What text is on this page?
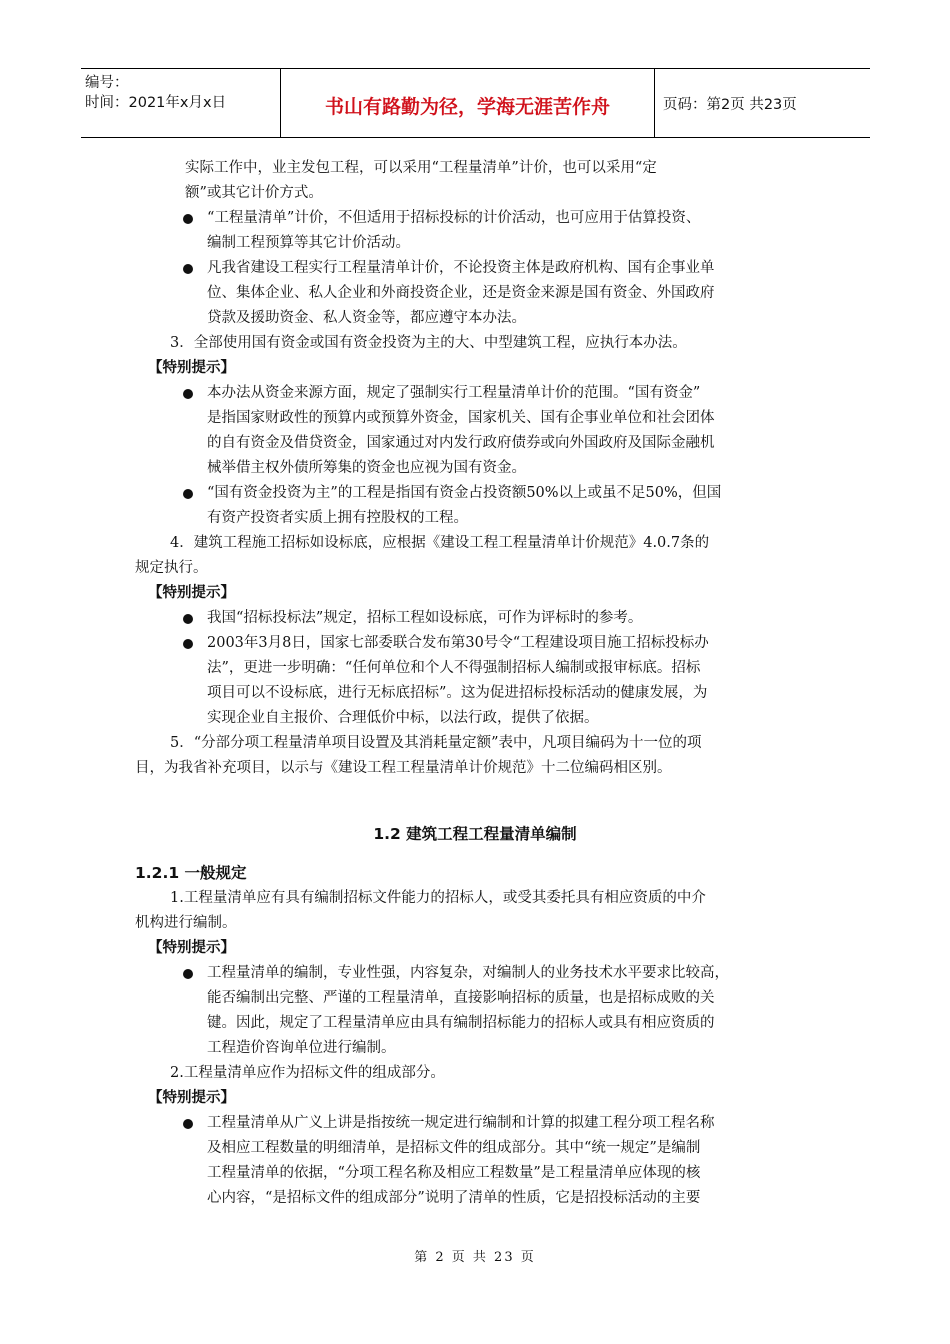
编号：
时间：2021年x月x日	书山有路勤为径，学海无涯苦作舟	页码：第2页 共23页
实际工作中，业主发包工程，可以采用“工程量清单”计价，也可以采用“定
额”或其它计价方式。
“工程量清单”计价，不但适用于招标投标的计价活动，也可应用于估算投资、
编制工程预算等其它计价活动。
凡我省建设工程实行工程量清单计价，不论投资主体是政府机构、国有企事业单
位、集体企业、私人企业和外商投资企业，还是资金来源是国有资金、外国政府
贷款及援助资金、私人资金等，都应遵守本办法。
3．全部使用国有资金或国有资金投资为主的大、中型建筑工程，应执行本办法。
【特别提示】
本办法从资金来源方面，规定了强制实行工程量清单计价的范围。“国有资金”
是指国家财政性的预算内或预算外资金，国家机关、国有企事业单位和社会团体
的自有资金及借贷资金，国家通过对内发行政府债券或向外国政府及国际金融机
械举借主权外债所筹集的资金也应视为国有资金。
“国有资金投资为主”的工程是指国有资金占投资额50%以上或虽不足50%，但国
有资产投资者实质上拥有控股权的工程。
4．建筑工程施工招标如设标底，应根据《建设工程工程量清单计价规范》4.0.7条的
规定执行。
【特别提示】
我国“招标投标法”规定，招标工程如设标底，可作为评标时的参考。
2003年3月8日，国家七部委联合发布第30号令“工程建设项目施工招标投标办
法”，更进一步明确：“任何单位和个人不得强制招标人编制或报审标底。招标
项目可以不设标底，进行无标底招标”。这为促进招标投标活动的健康发展，为
实现企业自主报价、合理低价中标，以法行政，提供了依据。
5．“分部分项工程量清单项目设置及其消耗量定额”表中，凡项目编码为十一位的项
目，为我省补充项目，以示与《建设工程工程量清单计价规范》十二位编码相区别。
1.2 建筑工程工程量清单编制
1.2.1 一般规定
1.工程量清单应有具有编制招标文件能力的招标人，或受其委托具有相应资质的中介
机构进行编制。
【特别提示】
工程量清单的编制，专业性强，内容复杂，对编制人的业务技术水平要求比较高，
能否编制出完整、严谨的工程量清单，直接影响招标的质量，也是招标成败的关
键。因此，规定了工程量清单应由具有编制招标能力的招标人或具有相应资质的
工程造价咨询单位进行编制。
2.工程量清单应作为招标文件的组成部分。
【特别提示】
工程量清单从广义上讲是指按统一规定进行编制和计算的拟建工程分项工程名称
及相应工程数量的明细清单，是招标文件的组成部分。其中“统一规定”是编制
工程量清单的依据，“分项工程名称及相应工程数量”是工程量清单应体现的核
心内容，“是招标文件的组成部分”说明了清单的性质，它是招投标活动的主要
第 2 页 共 23 页
